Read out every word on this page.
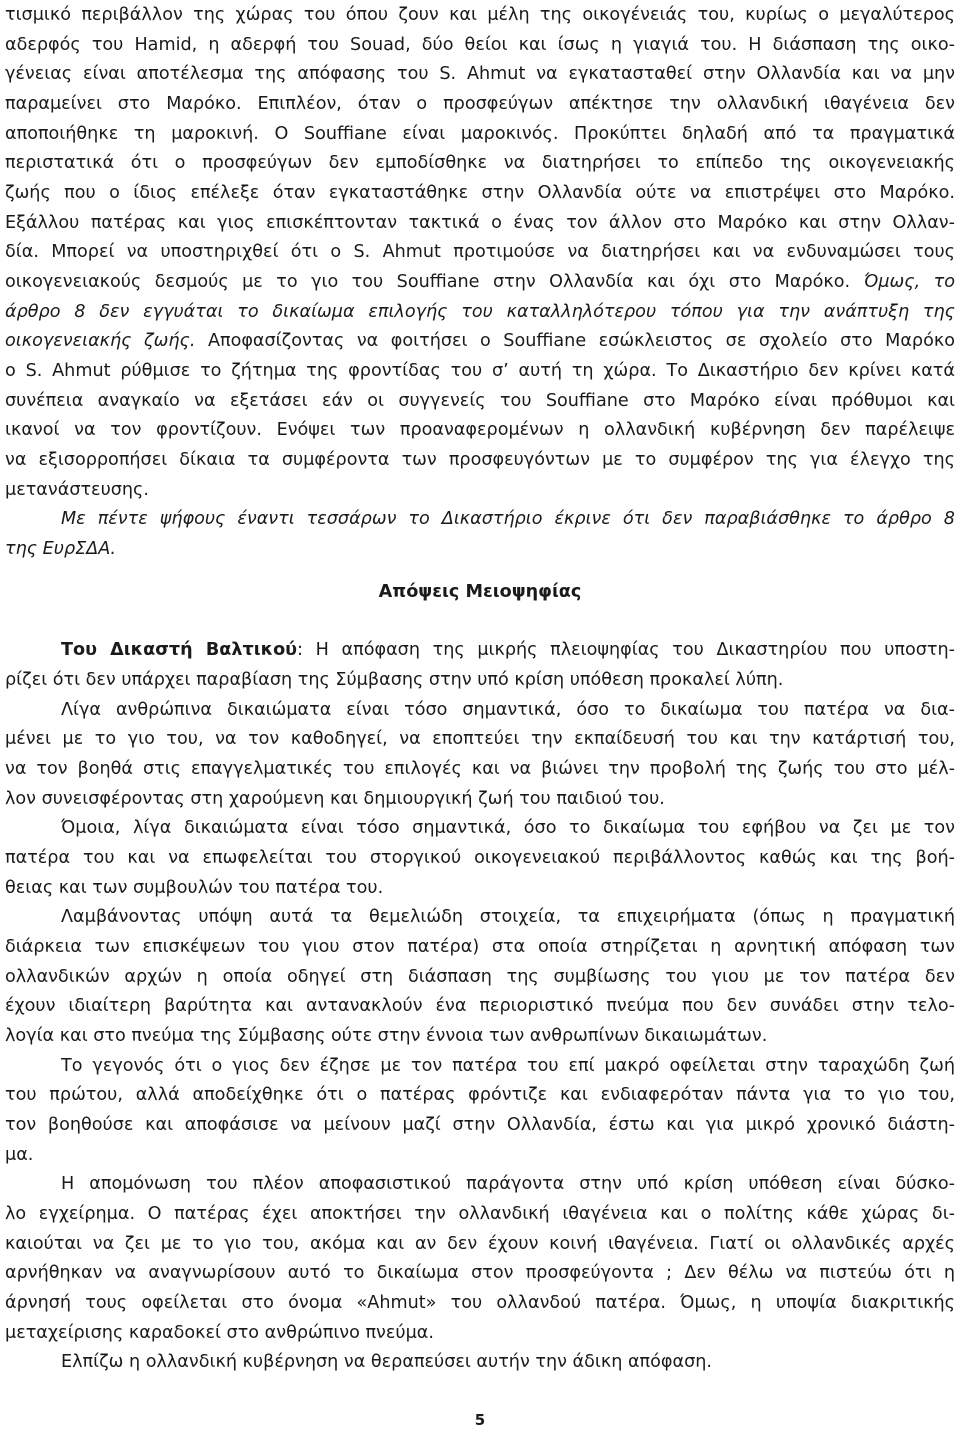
τισμικό περιβάλλον της χώρας του όπου ζουν και μέλη της οικογένειάς του, κυρίως ο μεγαλύτερος
αδερφός του Hamid, η αδερφή του Souad, δύο θείοι και ίσως η γιαγιά του. Η διάσπαση της οικο-
γένειας είναι αποτέλεσμα της απόφασης του S. Ahmut να εγκατασταθεί στην Ολλανδία και να μην
παραμείνει στο Μαρόκο. Επιπλέον, όταν ο προσφεύγων απέκτησε την ολλανδική ιθαγένεια δεν
αποποιήθηκε τη μαροκινή. Ο Souffiane είναι μαροκινός. Προκύπτει δηλαδή από τα πραγματικά
περιστατικά ότι ο προσφεύγων δεν εμποδίσθηκε να διατηρήσει το επίπεδο της οικογενειακής
ζωής που ο ίδιος επέλεξε όταν εγκαταστάθηκε στην Ολλανδία ούτε να επιστρέψει στο Μαρόκο.
Εξάλλου πατέρας και γιος επισκέπτονταν τακτικά ο ένας τον άλλον στο Μαρόκο και στην Ολλαν-
δία. Μπορεί να υποστηριχθεί ότι ο S. Ahmut προτιμούσε να διατηρήσει και να ενδυναμώσει τους
οικογενειακούς δεσμούς με το γιο του Souffiane στην Ολλανδία και όχι στο Μαρόκο. Όμως, το
άρθρο 8 δεν εγγυάται το δικαίωμα επιλογής του καταλληλότερου τόπου για την ανάπτυξη της
οικογενειακής ζωής. Αποφασίζοντας να φοιτήσει ο Souffiane εσώκλειστος σε σχολείο στο Μαρόκο
ο S. Ahmut ρύθμισε το ζήτημα της φροντίδας του σ’ αυτή τη χώρα. Το Δικαστήριο δεν κρίνει κατά
συνέπεια αναγκαίο να εξετάσει εάν οι συγγενείς του Souffiane στο Μαρόκο είναι πρόθυμοι και
ικανοί να τον φροντίζουν. Ενόψει των προαναφερομένων η ολλανδική κυβέρνηση δεν παρέλειψε
να εξισορροπήσει δίκαια τα συμφέροντα των προσφευγόντων με το συμφέρον της για έλεγχο της
μετανάστευσης.
Με πέντε ψήφους έναντι τεσσάρων το Δικαστήριο έκρινε ότι δεν παραβιάσθηκε το άρθρο 8
της ΕυρΣΔΑ.
Απόψεις Μειοψηφίας
Του Δικαστή Βαλτικού: Η απόφαση της μικρής πλειοψηφίας του Δικαστηρίου που υποστη-
ρίζει ότι δεν υπάρχει παραβίαση της Σύμβασης στην υπό κρίση υπόθεση προκαλεί λύπη.
Λίγα ανθρώπινα δικαιώματα είναι τόσο σημαντικά, όσο το δικαίωμα του πατέρα να δια-
μένει με το γιο του, να τον καθοδηγεί, να εποπτεύει την εκπαίδευσή του και την κατάρτισή του,
να τον βοηθά στις επαγγελματικές του επιλογές και να βιώνει την προβολή της ζωής του στο μέλ-
λον συνεισφέροντας στη χαρούμενη και δημιουργική ζωή του παιδιού του.
Όμοια, λίγα δικαιώματα είναι τόσο σημαντικά, όσο το δικαίωμα του εφήβου να ζει με τον
πατέρα του και να επωφελείται του στοργικού οικογενειακού περιβάλλοντος καθώς και της βοή-
θειας και των συμβουλών του πατέρα του.
Λαμβάνοντας υπόψη αυτά τα θεμελιώδη στοιχεία, τα επιχειρήματα (όπως η πραγματική
διάρκεια των επισκέψεων του γιου στον πατέρα) στα οποία στηρίζεται η αρνητική απόφαση των
ολλανδικών αρχών η οποία οδηγεί στη διάσπαση της συμβίωσης του γιου με τον πατέρα δεν
έχουν ιδιαίτερη βαρύτητα και αντανακλούν ένα περιοριστικό πνεύμα που δεν συνάδει στην τελο-
λογία και στο πνεύμα της Σύμβασης ούτε στην έννοια των ανθρωπίνων δικαιωμάτων.
Το γεγονός ότι ο γιος δεν έζησε με τον πατέρα του επί μακρό οφείλεται στην ταραχώδη ζωή
του πρώτου, αλλά αποδείχθηκε ότι ο πατέρας φρόντιζε και ενδιαφερόταν πάντα για το γιο του,
τον βοηθούσε και αποφάσισε να μείνουν μαζί στην Ολλανδία, έστω και για μικρό χρονικό διάστη-
μα.
Η απομόνωση του πλέον αποφασιστικού παράγοντα στην υπό κρίση υπόθεση είναι δύσκο-
λο εγχείρημα. Ο πατέρας έχει αποκτήσει την ολλανδική ιθαγένεια και ο πολίτης κάθε χώρας δι-
καιούται να ζει με το γιο του, ακόμα και αν δεν έχουν κοινή ιθαγένεια. Γιατί οι ολλανδικές αρχές
αρνήθηκαν να αναγνωρίσουν αυτό το δικαίωμα στον προσφεύγοντα ; Δεν θέλω να πιστεύω ότι η
άρνησή τους οφείλεται στο όνομα «Ahmut» του ολλανδού πατέρα. Όμως, η υποψία διακριτικής
μεταχείρισης καραδοκεί στο ανθρώπινο πνεύμα.
Ελπίζω η ολλανδική κυβέρνηση να θεραπεύσει αυτήν την άδικη απόφαση.
5
